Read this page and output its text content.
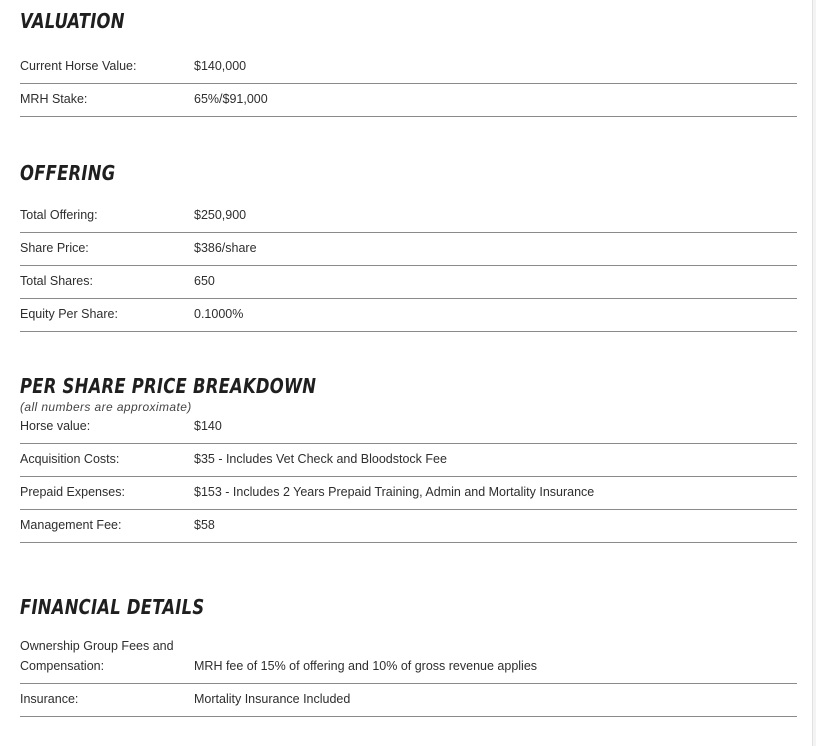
VALUATION
Current Horse Value:	$140,000
MRH Stake:	65%/$91,000
OFFERING
Total Offering:	$250,900
Share Price:	$386/share
Total Shares:	650
Equity Per Share:	0.1000%
PER SHARE PRICE BREAKDOWN
(all numbers are approximate)
Horse value:	$140
Acquisition Costs:	$35 - Includes Vet Check and Bloodstock Fee
Prepaid Expenses:	$153 - Includes 2 Years Prepaid Training, Admin and Mortality Insurance
Management Fee:	$58
FINANCIAL DETAILS
Ownership Group Fees and Compensation:	MRH fee of 15% of offering and 10% of gross revenue applies
Insurance:	Mortality Insurance Included
